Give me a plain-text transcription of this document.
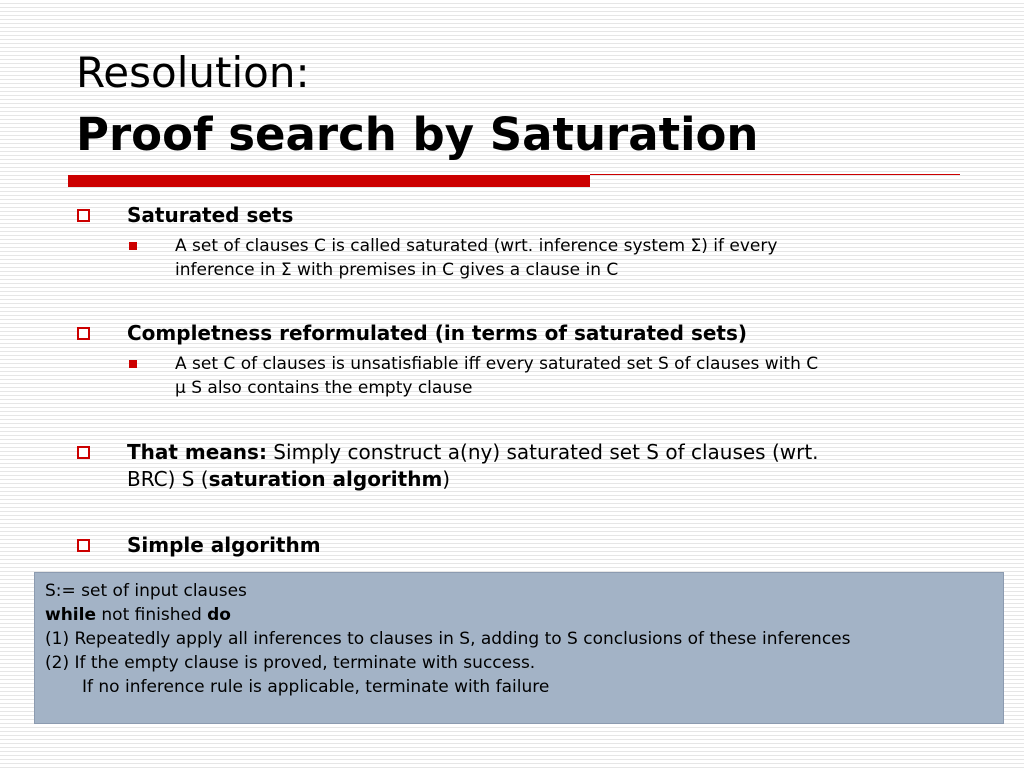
Resolution:
Proof search by Saturation
Saturated sets
A set of clauses C is called saturated (wrt. inference system Σ) if every
inference in Σ with premises in C gives a clause in C
Completness reformulated (in terms of saturated sets)
A set C of clauses is unsatisfiable iff every saturated set S of clauses with C
µ S also contains the empty clause
That means: Simply construct a(ny) saturated set S of clauses (wrt.
BRC) S (saturation algorithm)
Simple algorithm
S:= set of input clauses
while not finished do
(1) Repeatedly apply all inferences to clauses in S, adding to S conclusions of these inferences
(2) If the empty clause is proved, terminate with success.
If no inference rule is applicable, terminate with failure
